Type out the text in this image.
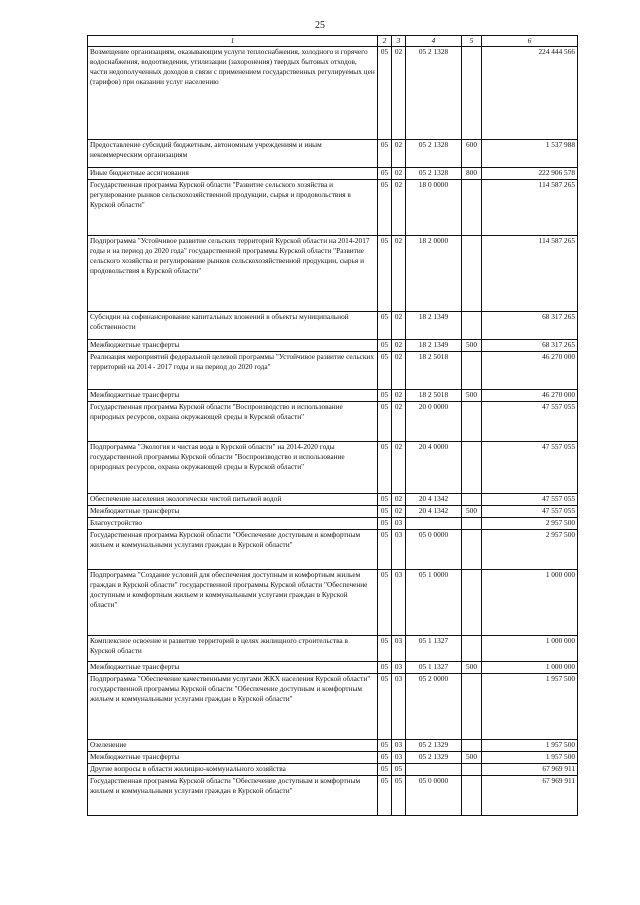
25
1	2	3	4	5	6
Возмещение организациям, оказывающим услуги теплоснабжения, холодного и горячего водоснабжения, водоотведения, утилизации (захоронения) твердых бытовых отходов, части недополученных доходов в связи с применением государственных регулируемых цен (тарифов) при оказании услуг населению	05	02	05 2 1328		224 444 566
Предоставление субсидий бюджетным, автономным учреждениям и иным некоммерческим организациям	05	02	05 2 1328	600	1 537 988
Иные бюджетные ассигнования	05	02	05 2 1328	800	222 906 578
Государственная программа Курской области "Развитие сельского хозяйства и регулирование рынков сельскохозяйственной продукции, сырья и продовольствия в Курской области"	05	02	18 0 0000		114 587 265
Подпрограмма "Устойчивое развитие сельских территорий Курской области на 2014-2017 годы и на период до 2020 года" государственной программы Курской области "Развитие сельского хозяйства и регулирование рынков сельскохозяйственной продукции, сырья и продовольствия в Курской области"	05	02	18 2 0000		114 587 265
Субсидии на софинансирование капитальных вложений в объекты муниципальной собственности	05	02	18 2 1349		68 317 265
Межбюджетные трансферты	05	02	18 2 1349	500	68 317 265
Реализация мероприятий федеральной целевой программы "Устойчивое развитие сельских территорий на 2014 - 2017 годы и на период до 2020 года"	05	02	18 2 5018		46 270 000
Межбюджетные трансферты	05	02	18 2 5018	500	46 270 000
Государственная программа Курской области "Воспроизводство и использование природных ресурсов, охрана окружающей среды в Курской области"	05	02	20 0 0000		47 557 055
Подпрограмма "Экология и чистая вода в Курской области" на 2014-2020 годы государственной программы Курской области "Воспроизводство и использование природных ресурсов, охрана окружающей среды в Курской области"	05	02	20 4 0000		47 557 055
Обеспечение населения экологически чистой питьевой водой	05	02	20 4 1342		47 557 055
Межбюджетные трансферты	05	02	20 4 1342	500	47 557 055
Благоустройство	05	03			2 957 500
Государственная программа Курской области "Обеспечение доступным и комфортным жильем и коммунальными услугами граждан в Курской области"	05	03	05 0 0000		2 957 500
Подпрограмма "Создание условий для обеспечения доступным и комфортным жильем граждан в Курской области" государственной программы Курской области "Обеспечение доступным и комфортным жильем и коммунальными услугами граждан в Курской области"	05	03	05 1 0000		1 000 000
Комплексное освоение и развитие территорий в целях жилищного строительства в Курской области	05	03	05 1 1327		1 000 000
Межбюджетные трансферты	05	03	05 1 1327	500	1 000 000
Подпрограмма "Обеспечение качественными услугами ЖКХ населения Курской области" государственной программы Курской области "Обеспечение доступным и комфортным жильем и коммунальными услугами граждан в Курской области"	05	03	05 2 0000		1 957 500
Озеленение	05	03	05 2 1329		1 957 500
Межбюджетные трансферты	05	03	05 2 1329	500	1 957 500
Другие вопросы в области жилищно-коммунального хозяйства	05	05			67 969 911
Государственная программа Курской области "Обеспечение доступным и комфортным жильем и коммунальными услугами граждан в Курской области"	05	05	05 0 0000		67 969 911
